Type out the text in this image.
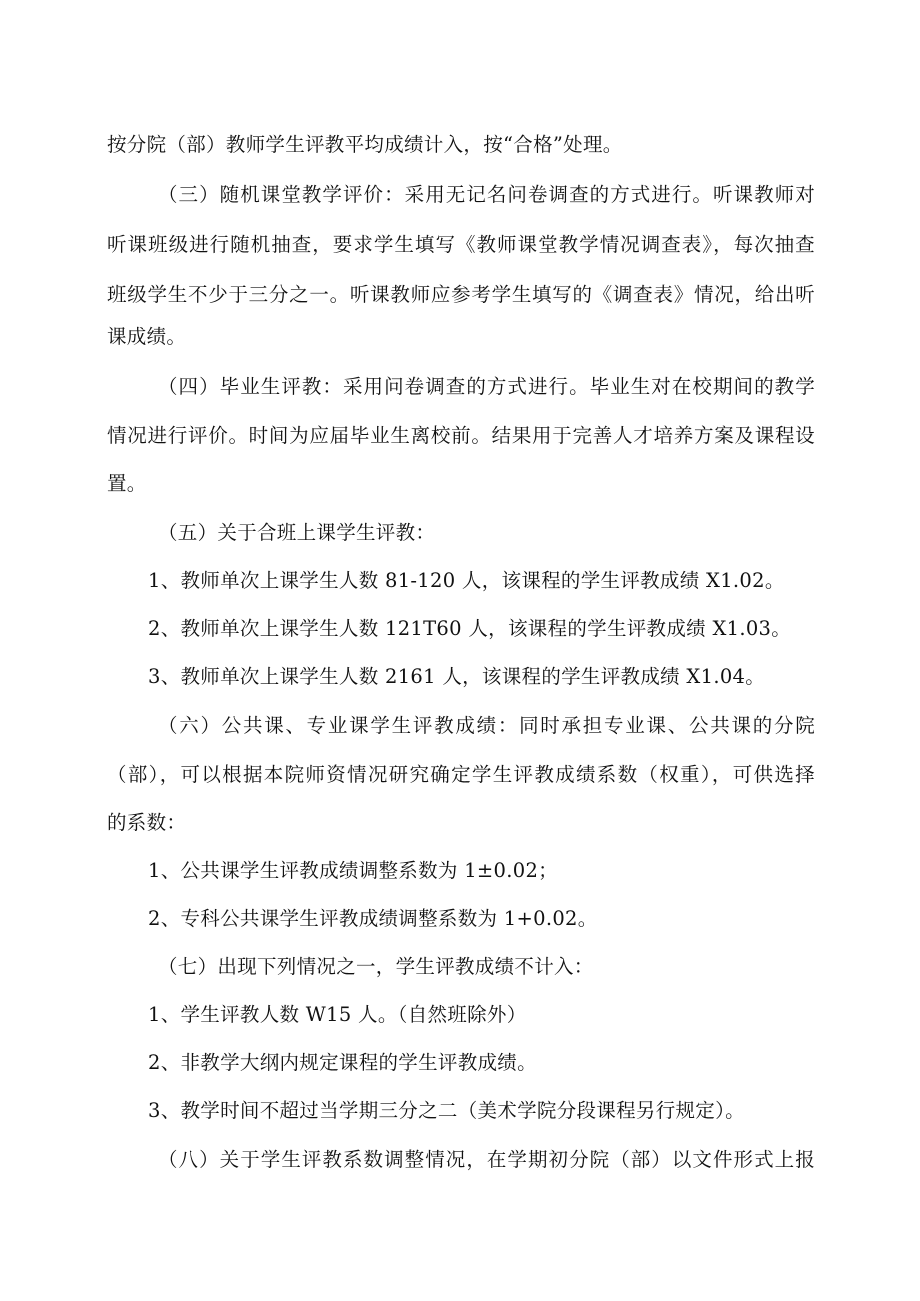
按分院（部）教师学生评教平均成绩计入，按“合格”处理。
（三）随机课堂教学评价：采用无记名问卷调查的方式进行。听课教师对
听课班级进行随机抽查，要求学生填写《教师课堂教学情况调查表》，每次抽查
班级学生不少于三分之一。听课教师应参考学生填写的《调查表》情况，给出听
课成绩。
（四）毕业生评教：采用问卷调查的方式进行。毕业生对在校期间的教学
情况进行评价。时间为应届毕业生离校前。结果用于完善人才培养方案及课程设
置。
（五）关于合班上课学生评教：
1、教师单次上课学生人数 81-120 人，该课程的学生评教成绩 X1.02。
2、教师单次上课学生人数 121T60 人，该课程的学生评教成绩 X1.03。
3、教师单次上课学生人数 2161 人，该课程的学生评教成绩 X1.04。
（六）公共课、专业课学生评教成绩：同时承担专业课、公共课的分院
（部），可以根据本院师资情况研究确定学生评教成绩系数（权重），可供选择
的系数：
1、公共课学生评教成绩调整系数为 1±0.02；
2、专科公共课学生评教成绩调整系数为 1+0.02。
（七）出现下列情况之一，学生评教成绩不计入：
1、学生评教人数 W15 人。（自然班除外）
2、非教学大纲内规定课程的学生评教成绩。
3、教学时间不超过当学期三分之二（美术学院分段课程另行规定）。
（八）关于学生评教系数调整情况，在学期初分院（部）以文件形式上报
